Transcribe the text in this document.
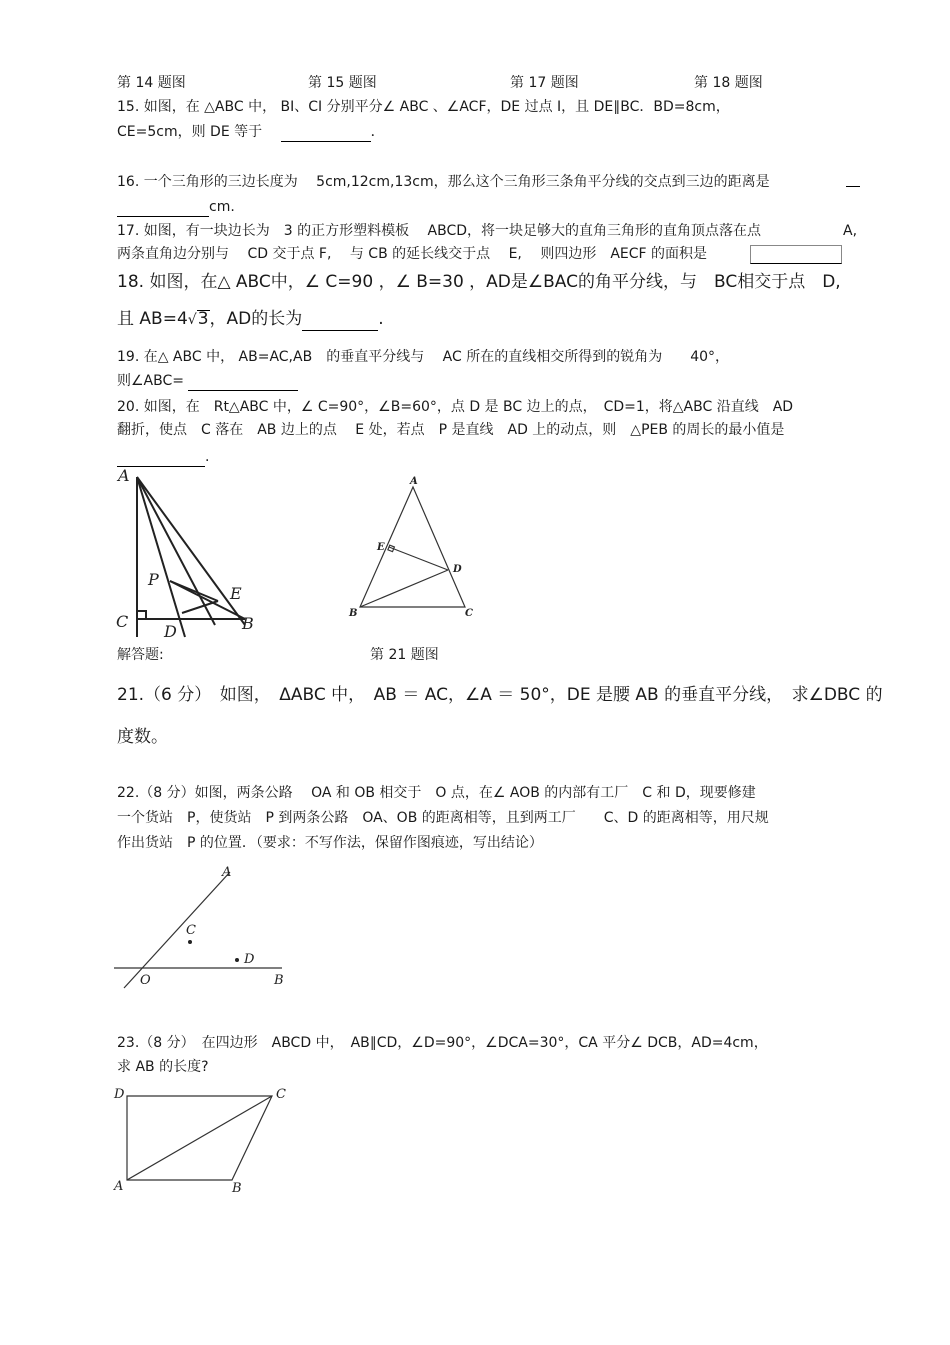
第 14 题图	第 15 题图	第 17 题图	第 18 题图
15. 如图，在 △ABC 中， BI、CI 分别平分∠ ABC 、∠ACF，DE 过点 I，且 DE∥BC．BD=8cm，
CE=5cm，则 DE 等于	．
16. 一个三角形的三边长度为　 5cm,12cm,13cm，那么这个三角形三条角平分线的交点到三边的距离是
cm.
17. 如图，有一块边长为　3 的正方形塑料模板　 ABCD，将一块足够大的直角三角形的直角顶点落在点	A,
两条直角边分别与　 CD 交于点 F,　 与 CB 的延长线交于点　 E,　 则四边形　AECF 的面积是
18. 如图，在△ ABC中，∠ C=90 ，∠ B=30 ，AD是∠BAC的角平分线，与　BC相交于点　D,
且 AB=4√3，AD的长为	.
19. 在△ ABC 中， AB=AC,AB　的垂直平分线与　 AC 所在的直线相交所得到的锐角为　　40°，
则∠ABC=
20. 如图，在　Rt△ABC 中，∠ C=90°，∠B=60°，点 D 是 BC 边上的点，　CD=1，将△ABC 沿直线　AD
翻折，使点　C 落在　AB 边上的点　 E 处，若点　P 是直线　AD 上的动点，则　△PEB 的周长的最小值是
.
A
P
E
C
D	B
A
E
D
B	C
解答题:	第 21 题图
21.（6 分）　如图，　ΔABC 中，　AB ＝ AC，∠A ＝ 50°，DE 是腰 AB 的垂直平分线，　求∠DBC 的
度数。
22.（8 分）如图，两条公路　 OA 和 OB 相交于　O 点，在∠ AOB 的内部有工厂　C 和 D，现要修建
一个货站　P，使货站　P 到两条公路　OA、OB 的距离相等，且到两工厂　　C、D 的距离相等，用尺规
作出货站　P 的位置．（要求：不写作法，保留作图痕迹，写出结论）
A
C
D
O	B
23.（8 分）　在四边形　ABCD 中，　AB∥CD，∠D=90°，∠DCA=30°，CA 平分∠ DCB，AD=4cm，
求 AB 的长度?
D	C
A	B
